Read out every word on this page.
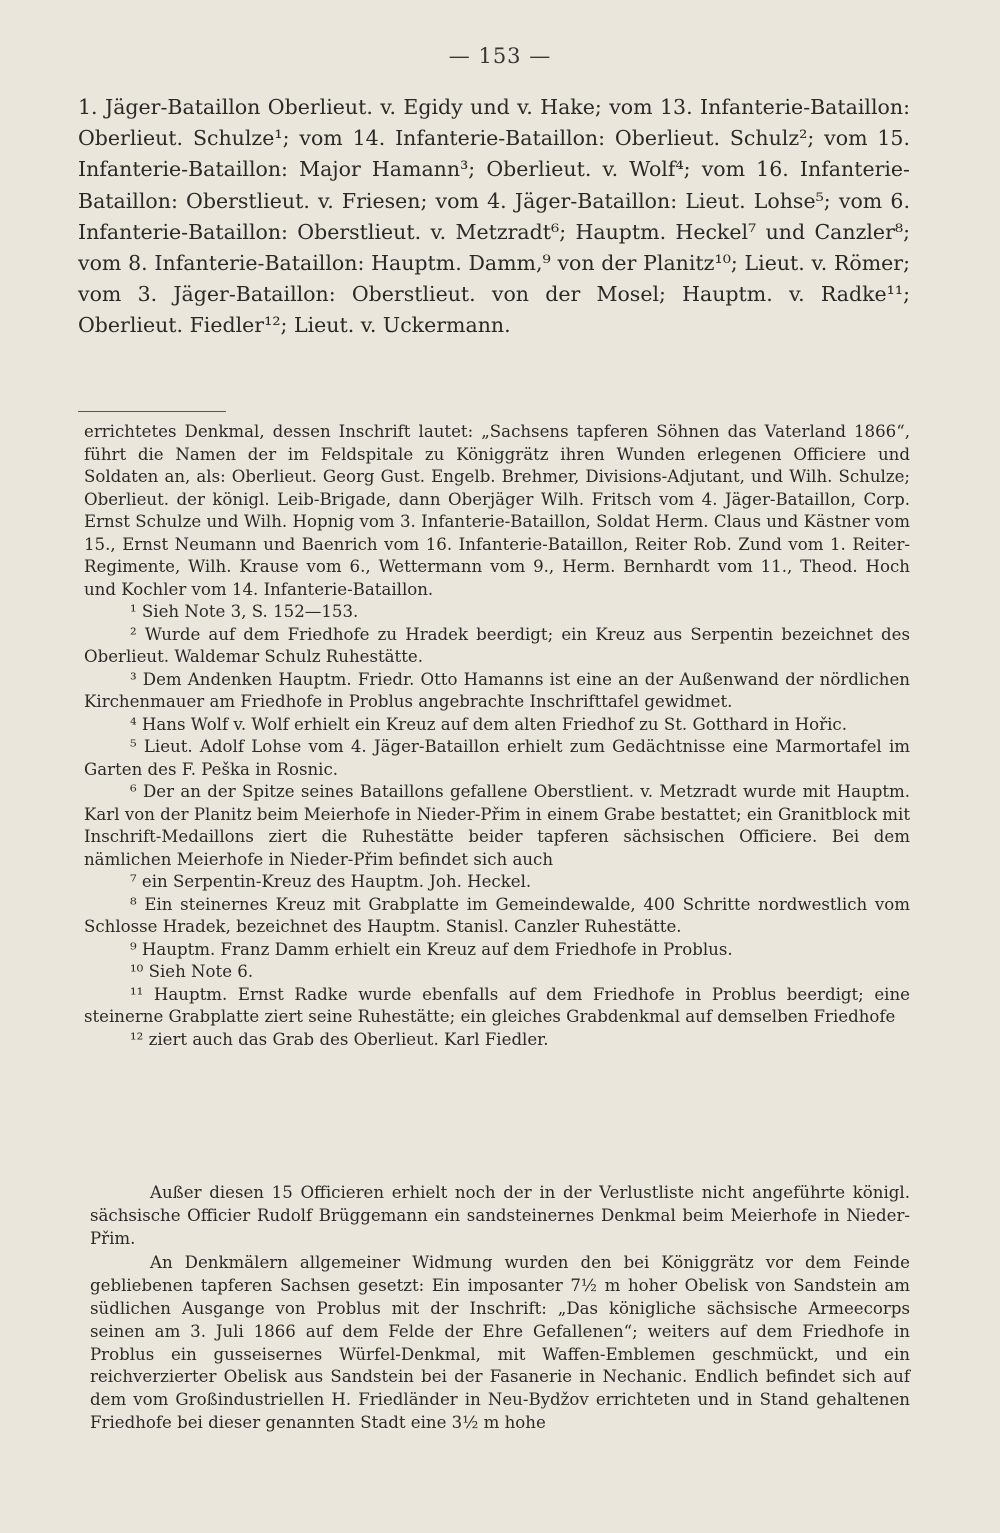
— 153 —
1. Jäger-Bataillon Oberlieut. v. Egidy und v. Hake; vom 13. Infanterie-Bataillon: Oberlieut. Schulze¹; vom 14. Infanterie-Bataillon: Oberlieut. Schulz²; vom 15. Infanterie-Bataillon: Major Hamann³; Oberlieut. v. Wolf⁴; vom 16. Infanterie-Bataillon: Oberstlieut. v. Friesen; vom 4. Jäger-Bataillon: Lieut. Lohse⁵; vom 6. Infanterie-Bataillon: Oberstlieut. v. Metzradt⁶; Hauptm. Heckel⁷ und Canzler⁸; vom 8. Infanterie-Bataillon: Hauptm. Damm,⁹ von der Planitz¹⁰; Lieut. v. Römer; vom 3. Jäger-Bataillon: Oberstlieut. von der Mosel; Hauptm. v. Radke¹¹; Oberlieut. Fiedler¹²; Lieut. v. Uckermann.

errichtetes Denkmal, dessen Inschrift lautet: „Sachsens tapferen Söhnen das Vaterland 1866“, führt die Namen der im Feldspitale zu Königgrätz ihren Wunden erlegenen Officiere und Soldaten an, als: Oberlieut. Georg Gust. Engelb. Brehmer, Divisions-Adjutant, und Wilh. Schulze; Oberlieut. der königl. Leib-Brigade, dann Oberjäger Wilh. Fritsch vom 4. Jäger-Bataillon, Corp. Ernst Schulze und Wilh. Hopnig vom 3. Infanterie-Bataillon, Soldat Herm. Claus und Kästner vom 15., Ernst Neumann und Baenrich vom 16. Infanterie-Bataillon, Reiter Rob. Zund vom 1. Reiter-Regimente, Wilh. Krause vom 6., Wettermann vom 9., Herm. Bernhardt vom 11., Theod. Hoch und Kochler vom 14. Infanterie-Bataillon.

¹ Sieh Note 3, S. 152—153.

² Wurde auf dem Friedhofe zu Hradek beerdigt; ein Kreuz aus Serpentin bezeichnet des Oberlieut. Waldemar Schulz Ruhestätte.

³ Dem Andenken Hauptm. Friedr. Otto Hamanns ist eine an der Außenwand der nördlichen Kirchenmauer am Friedhofe in Problus angebrachte Inschrifttafel gewidmet.

⁴ Hans Wolf v. Wolf erhielt ein Kreuz auf dem alten Friedhof zu St. Gotthard in Hořic.

⁵ Lieut. Adolf Lohse vom 4. Jäger-Bataillon erhielt zum Gedächtnisse eine Marmortafel im Garten des F. Peška in Rosnic.

⁶ Der an der Spitze seines Bataillons gefallene Oberstlient. v. Metzradt wurde mit Hauptm. Karl von der Planitz beim Meierhofe in Nieder-Přim in einem Grabe bestattet; ein Granitblock mit Inschrift-Medaillons ziert die Ruhestätte beider tapferen sächsischen Officiere. Bei dem nämlichen Meierhofe in Nieder-Přim befindet sich auch

⁷ ein Serpentin-Kreuz des Hauptm. Joh. Heckel.

⁸ Ein steinernes Kreuz mit Grabplatte im Gemeindewalde, 400 Schritte nordwestlich vom Schlosse Hradek, bezeichnet des Hauptm. Stanisl. Canzler Ruhestätte.

⁹ Hauptm. Franz Damm erhielt ein Kreuz auf dem Friedhofe in Problus.

¹⁰ Sieh Note 6.

¹¹ Hauptm. Ernst Radke wurde ebenfalls auf dem Friedhofe in Problus beerdigt; eine steinerne Grabplatte ziert seine Ruhestätte; ein gleiches Grabdenkmal auf demselben Friedhofe

¹² ziert auch das Grab des Oberlieut. Karl Fiedler.

Außer diesen 15 Officieren erhielt noch der in der Verlustliste nicht angeführte königl. sächsische Officier Rudolf Brüggemann ein sandsteinernes Denkmal beim Meierhofe in Nieder-Přim.

An Denkmälern allgemeiner Widmung wurden den bei Königgrätz vor dem Feinde gebliebenen tapferen Sachsen gesetzt: Ein imposanter 7½ m hoher Obelisk von Sandstein am südlichen Ausgange von Problus mit der Inschrift: „Das königliche sächsische Armeecorps seinen am 3. Juli 1866 auf dem Felde der Ehre Gefallenen“; weiters auf dem Friedhofe in Problus ein gusseisernes Würfel-Denkmal, mit Waffen-Emblemen geschmückt, und ein reichverzierter Obelisk aus Sandstein bei der Fasanerie in Nechanic. Endlich befindet sich auf dem vom Großindustriellen H. Friedländer in Neu-Bydžov errichteten und in Stand gehaltenen Friedhofe bei dieser genannten Stadt eine 3½ m hohe
